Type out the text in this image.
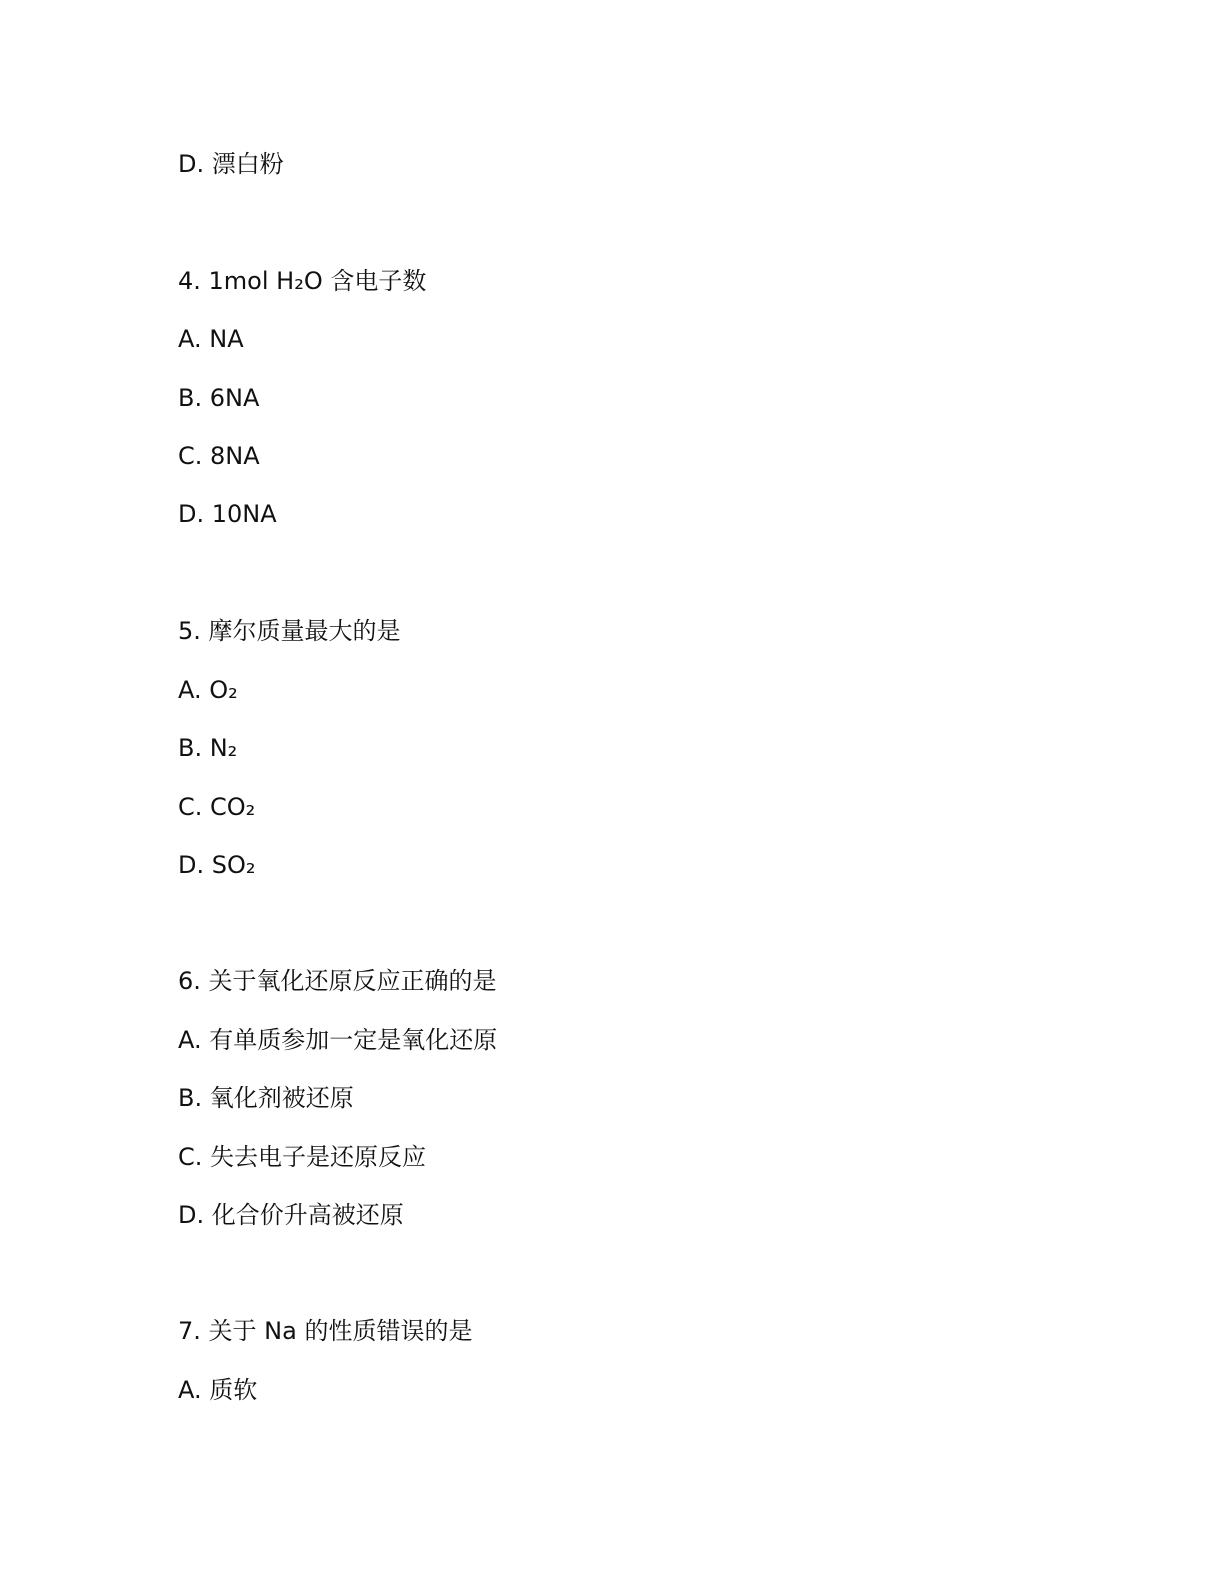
D. 漂白粉
4. 1mol H₂O 含电子数
A. NA
B. 6NA
C. 8NA
D. 10NA
5. 摩尔质量最大的是
A. O₂
B. N₂
C. CO₂
D. SO₂
6. 关于氧化还原反应正确的是
A. 有单质参加一定是氧化还原
B. 氧化剂被还原
C. 失去电子是还原反应
D. 化合价升高被还原
7. 关于 Na 的性质错误的是
A. 质软
